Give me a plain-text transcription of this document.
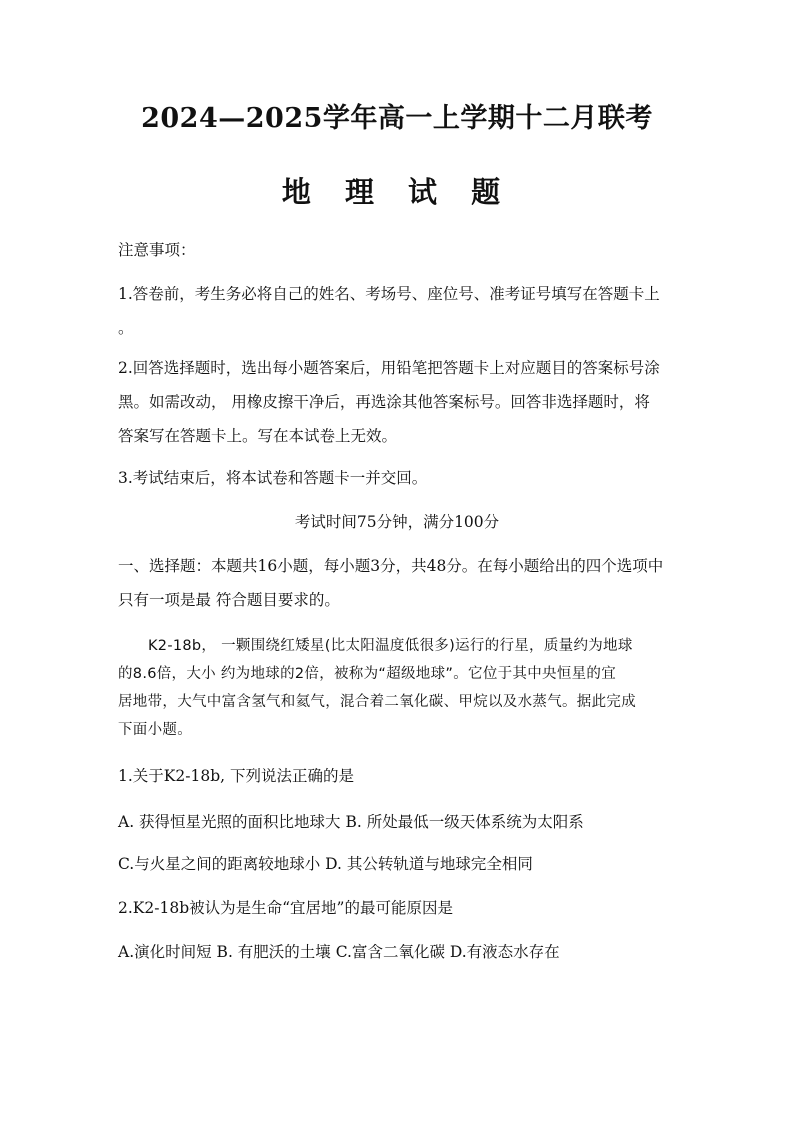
2024—2025学年高一上学期十二月联考
地 理 试 题
注意事项：
1.答卷前，考生务必将自己的姓名、考场号、座位号、准考证号填写在答题卡上
。
2.回答选择题时，选出每小题答案后，用铅笔把答题卡上对应题目的答案标号涂
黑。如需改动， 用橡皮擦干净后，再选涂其他答案标号。回答非选择题时，将
答案写在答题卡上。写在本试卷上无效。
3.考试结束后，将本试卷和答题卡一并交回。
考试时间75分钟，满分100分
一、选择题：本题共16小题，每小题3分，共48分。在每小题给出的四个选项中
只有一项是最 符合题目要求的。
K2-18b， 一颗围绕红矮星(比太阳温度低很多)运行的行星，质量约为地球
的8.6倍，大小 约为地球的2倍，被称为“超级地球”。它位于其中央恒星的宜
居地带，大气中富含氢气和氦气，混合着二氧化碳、甲烷以及水蒸气。据此完成
下面小题。
1.关于K2-18b, 下列说法正确的是
A. 获得恒星光照的面积比地球大 B. 所处最低一级天体系统为太阳系
C.与火星之间的距离较地球小 D. 其公转轨道与地球完全相同
2.K2-18b被认为是生命“宜居地”的最可能原因是
A.演化时间短 B. 有肥沃的土壤 C.富含二氧化碳 D.有液态水存在
